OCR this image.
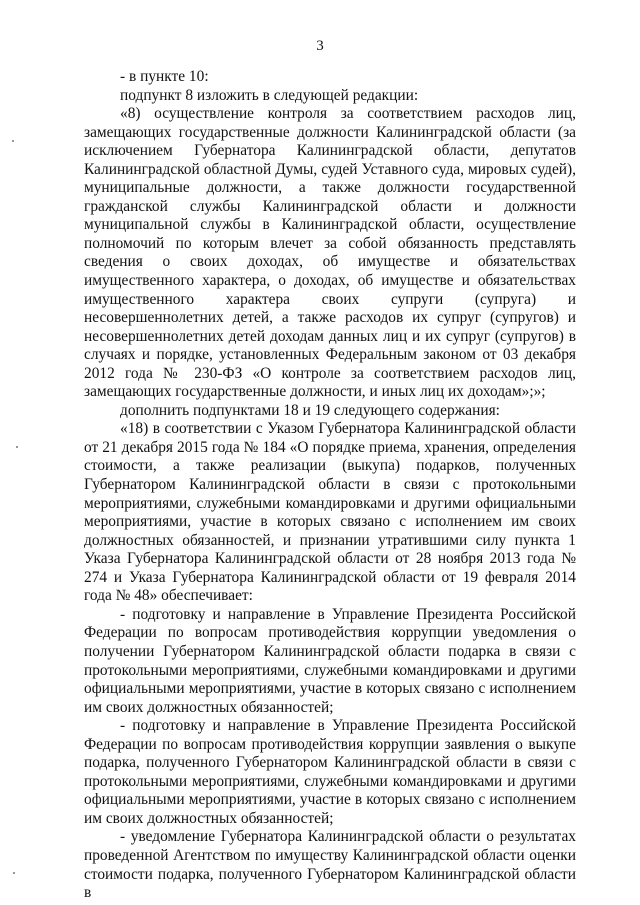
3

- в пункте 10:

подпункт 8 изложить в следующей редакции:

«8) осуществление контроля за соответствием расходов лиц, замещающих государственные должности Калининградской области (за исключением Губернатора Калининградской области, депутатов Калининградской областной Думы, судей Уставного суда, мировых судей), муниципальные должности, а также должности государственной гражданской службы Калининградской области и должности муниципальной службы в Калининградской области, осуществление полномочий по которым влечет за собой обязанность представлять сведения о своих доходах, об имуществе и обязательствах имущественного характера, о доходах, об имуществе и обязательствах имущественного характера своих супруги (супруга) и несовершеннолетних детей, а также расходов их супруг (супругов) и несовершеннолетних детей доходам данных лиц и их супруг (супругов) в случаях и порядке, установленных Федеральным законом от 03 декабря 2012 года № 230-ФЗ «О контроле за соответствием расходов лиц, замещающих государственные должности, и иных лиц их доходам»;»;

дополнить подпунктами 18 и 19 следующего содержания:

«18) в соответствии с Указом Губернатора Калининградской области от 21 декабря 2015 года № 184 «О порядке приема, хранения, определения стоимости, а также реализации (выкупа) подарков, полученных Губернатором Калининградской области в связи с протокольными мероприятиями, служебными командировками и другими официальными мероприятиями, участие в которых связано с исполнением им своих должностных обязанностей, и признании утратившими силу пункта 1 Указа Губернатора Калининградской области от 28 ноября 2013 года № 274 и Указа Губернатора Калининградской области от 19 февраля 2014 года № 48» обеспечивает:

- подготовку и направление в Управление Президента Российской Федерации по вопросам противодействия коррупции уведомления о получении Губернатором Калининградской области подарка в связи с протокольными мероприятиями, служебными командировками и другими официальными мероприятиями, участие в которых связано с исполнением им своих должностных обязанностей;

- подготовку и направление в Управление Президента Российской Федерации по вопросам противодействия коррупции заявления о выкупе подарка, полученного Губернатором Калининградской области в связи с протокольными мероприятиями, служебными командировками и другими официальными мероприятиями, участие в которых связано с исполнением им своих должностных обязанностей;

- уведомление Губернатора Калининградской области о результатах проведенной Агентством по имуществу Калининградской области оценки стоимости подарка, полученного Губернатором Калининградской области в
